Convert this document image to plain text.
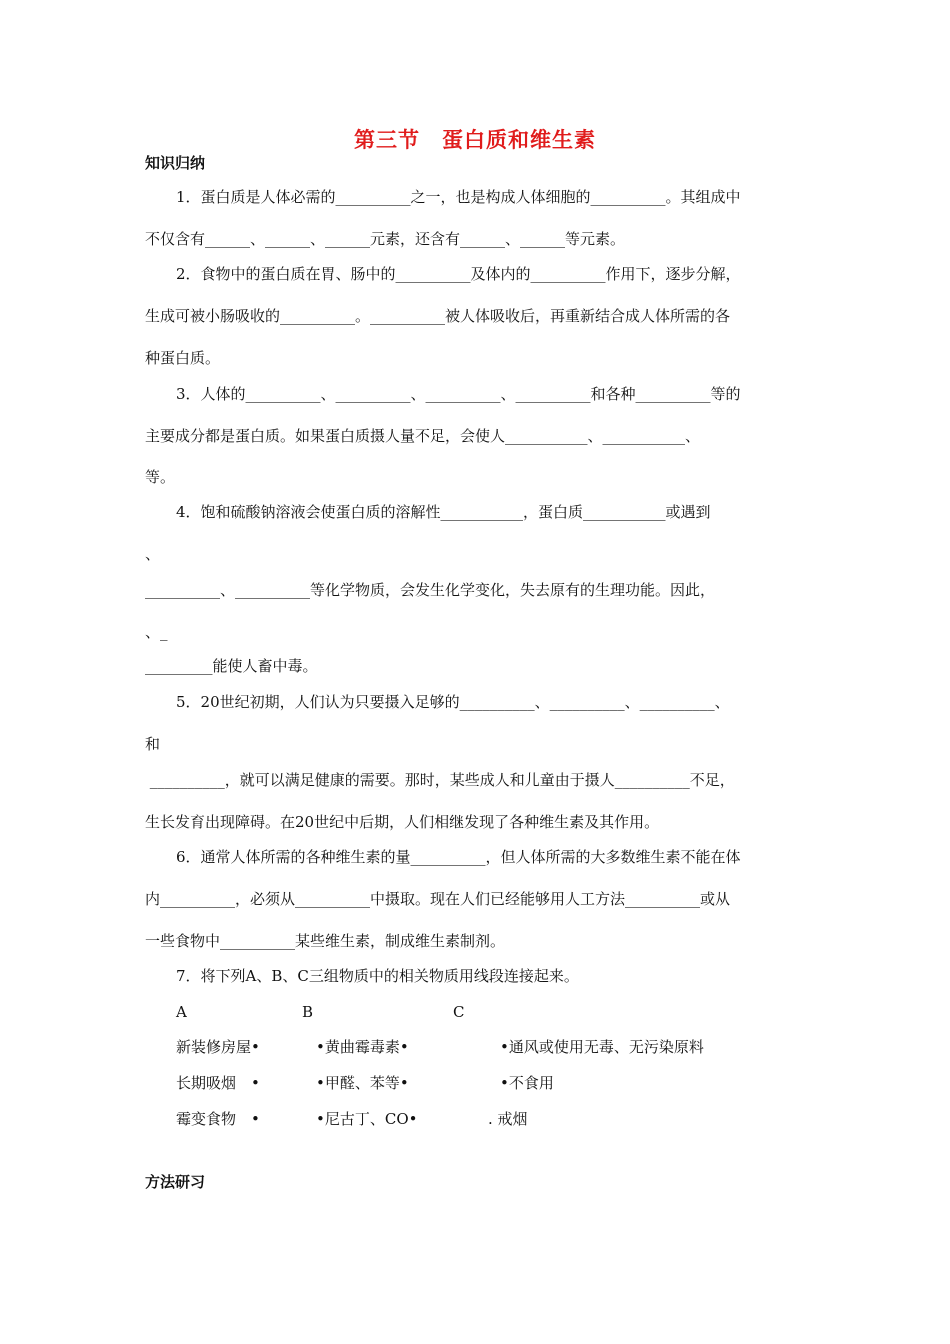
第三节　蛋白质和维生素
知识归纳
1．蛋白质是人体必需的__________之一，也是构成人体细胞的__________。其组成中
不仅含有______、______、______元素，还含有______、______等元素。
2．食物中的蛋白质在胃、肠中的__________及体内的__________作用下，逐步分解，
生成可被小肠吸收的__________。__________被人体吸收后，再重新结合成人体所需的各
种蛋白质。
3．人体的__________、__________、__________、__________和各种__________等的
主要成分都是蛋白质。如果蛋白质摄人量不足，会使人___________、___________、
等。
4．饱和硫酸钠溶液会使蛋白质的溶解性___________，蛋白质___________或遇到
、
__________、__________等化学物质，会发生化学变化，失去原有的生理功能。因此，
、_
_________能使人畜中毒。
5．20世纪初期，人们认为只要摄入足够的__________、__________、__________、
和
__________，就可以满足健康的需要。那时，某些成人和儿童由于摄人__________不足，
生长发育出现障碍。在20世纪中后期，人们相继发现了各种维生素及其作用。
6．通常人体所需的各种维生素的量__________，但人体所需的大多数维生素不能在体
内__________，必须从__________中摄取。现在人们已经能够用人工方法__________或从
一些食物中__________某些维生素，制成维生素制剂。
7．将下列A、B、C三组物质中的相关物质用线段连接起来。
A	B	C
新装修房屋•	•黄曲霉毒素•	•通风或使用无毒、无污染原料
长期吸烟　•	•甲醛、苯等•	•不食用
霉变食物　•	•尼古丁、CO•	. 戒烟
方法研习
